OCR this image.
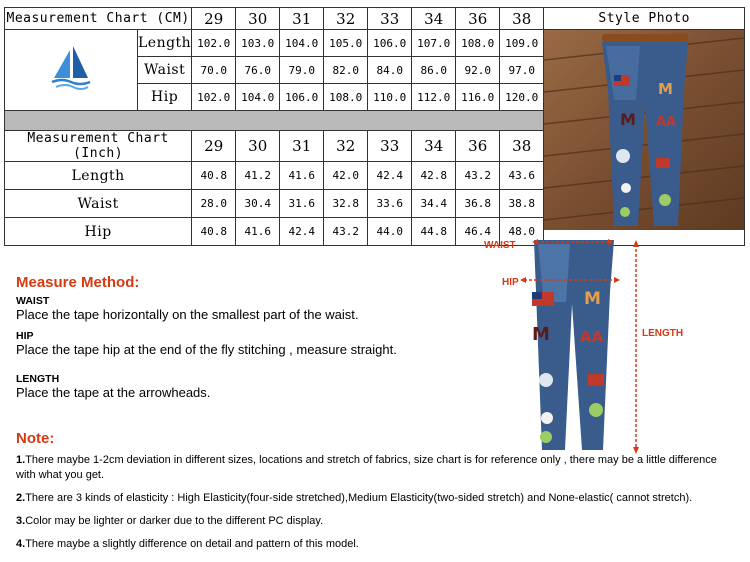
Measurement Chart (CM)		29	30	31	32	33	34	36	38	Style Photo
	Length	102.0	103.0	104.0	105.0	106.0	107.0	108.0	109.0	M
M
AA

	Waist	70.0	76.0	79.0	82.0	84.0	86.0	92.0	97.0	
	Hip	102.0	104.0	106.0	108.0	110.0	112.0	116.0	120.0	

Measurement Chart (Inch)		29	30	31	32	33	34	36	38	
Length		40.8	41.2	41.6	42.0	42.4	42.8	43.2	43.6	
Waist		28.0	30.4	31.6	32.8	33.6	34.4	36.8	38.8	
Hip		40.8	41.6	42.4	43.2	44.0	44.8	46.4	48.0	
Measure Method:
WAIST
Place the tape horizontally on the smallest part of the waist.
HIP
Place the tape hip at the end of the fly stitching , measure straight.
LENGTH
Place the tape at the arrowheads.
WAIST
HIP
LENGTH
M
M AA
Note:
1.There maybe 1-2cm deviation in different sizes, locations and stretch of fabrics, size chart is for reference only , there may be a little difference with what you get.
2.There are 3 kinds of elasticity : High Elasticity(four-side stretched),Medium Elasticity(two-sided stretch) and None-elastic( cannot stretch).
3.Color may be lighter or darker due to the different PC display.
4.There maybe a slightly difference on detail and pattern of this model.
